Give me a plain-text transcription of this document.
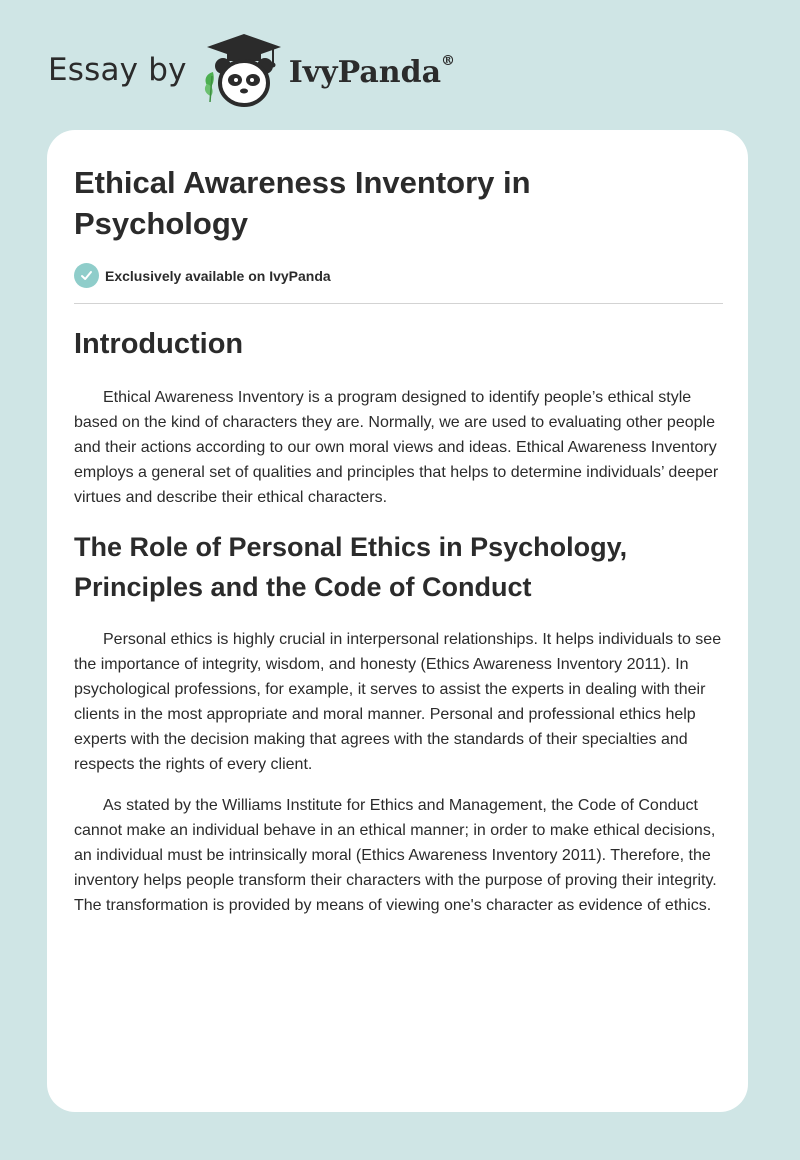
Essay by	IvyPanda®
Ethical Awareness Inventory in Psychology
Exclusively available on IvyPanda
Introduction

Ethical Awareness Inventory is a program designed to identify people’s ethical style based on the kind of characters they are. Normally, we are used to evaluating other people and their actions according to our own moral views and ideas. Ethical Awareness Inventory employs a general set of qualities and principles that helps to determine individuals’ deeper virtues and describe their ethical characters.

The Role of Personal Ethics in Psychology, Principles and the Code of Conduct

Personal ethics is highly crucial in interpersonal relationships. It helps individuals to see the importance of integrity, wisdom, and honesty (Ethics Awareness Inventory 2011). In psychological professions, for example, it serves to assist the experts in dealing with their clients in the most appropriate and moral manner. Personal and professional ethics help experts with the decision making that agrees with the standards of their specialties and respects the rights of every client.

As stated by the Williams Institute for Ethics and Management, the Code of Conduct cannot make an individual behave in an ethical manner; in order to make ethical decisions, an individual must be intrinsically moral (Ethics Awareness Inventory 2011). Therefore, the inventory helps people transform their characters with the purpose of proving their integrity. The transformation is provided by means of viewing one's character as evidence of ethics.
